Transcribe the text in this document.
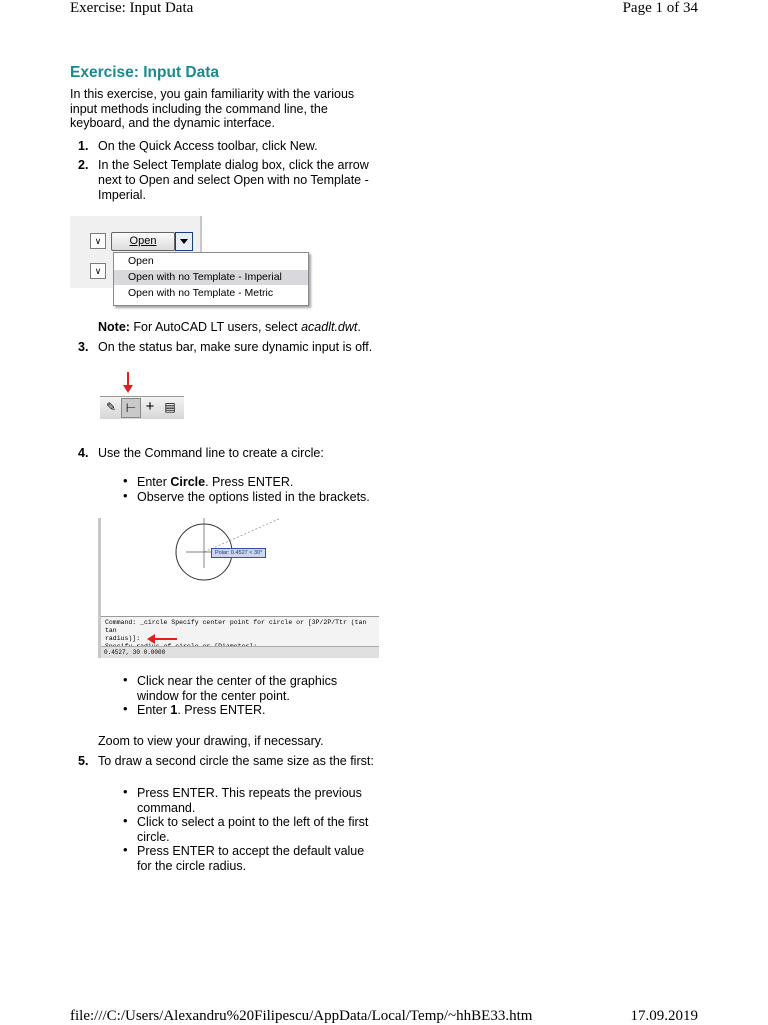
Exercise: Input Data	Page 1 of 34
Exercise: Input Data

In this exercise, you gain familiarity with the various input methods including the command line, the keyboard, and the dynamic interface.

1. On the Quick Access toolbar, click New.
2. In the Select Template dialog box, click the arrow next to Open and select Open with no Template - Imperial.
∨
∨
Open
Open
Open with no Template - Imperial
Open with no Template - Metric

Note: For AutoCAD LT users, select acadlt.dwt.

3. On the status bar, make sure dynamic input is off.
✎ ⊢ + ▤
4. Use the Command line to create a circle:
• Enter Circle. Press ENTER.
• Observe the options listed in the brackets.
Polar: 0.4527 < 30°
Command: _circle Specify center point for circle or [3P/2P/Ttr (tan tan
radius)]:
0.4527, 30 0.0000
• Click near the center of the graphics window for the center point.
• Enter 1. Press ENTER.

Zoom to view your drawing, if necessary.

5. To draw a second circle the same size as the first:
• Press ENTER. This repeats the previous command.
• Click to select a point to the left of the first circle.
• Press ENTER to accept the default value for the circle radius.
file:///C:/Users/Alexandru%20Filipescu/AppData/Local/Temp/~hhBE33.htm	17.09.2019
